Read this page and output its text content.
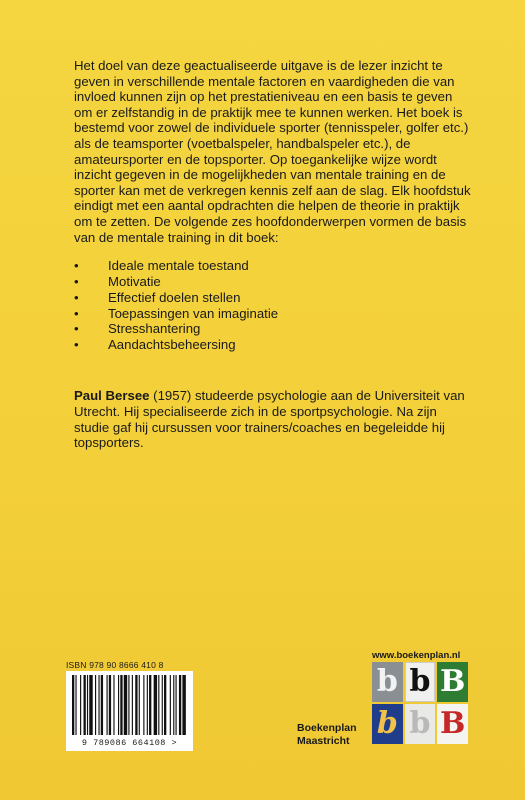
Het doel van deze geactualiseerde uitgave is de lezer inzicht te geven in verschillende mentale factoren en vaardigheden die van invloed kunnen zijn op het prestatieniveau en een basis te geven om er zelfstandig in de praktijk mee te kunnen werken. Het boek is bestemd voor zowel de individuele sporter (tennisspeler, golfer etc.) als de teamsporter (voetbalspeler, handbalspeler etc.), de amateursporter en de topsporter. Op toegankelijke wijze wordt inzicht gegeven in de mogelijkheden van mentale training en de sporter kan met de verkregen kennis zelf aan de slag. Elk hoofdstuk eindigt met een aantal opdrachten die helpen de theorie in praktijk om te zetten. De volgende zes hoofdonderwerpen vormen de basis van de mentale training in dit boek:

• Ideale mentale toestand
• Motivatie
• Effectief doelen stellen
• Toepassingen van imaginatie
• Stresshantering
• Aandachtsbeheersing
Paul Bersee (1957) studeerde psychologie aan de Universiteit van Utrecht. Hij specialiseerde zich in de sportpsychologie. Na zijn studie gaf hij cursussen voor trainers/coaches en begeleidde hij topsporters.
ISBN 978 90 8666 410 8
9 789086 664108 >
www.boekenplan.nl
b b B
b b B
Boekenplan
Maastricht
